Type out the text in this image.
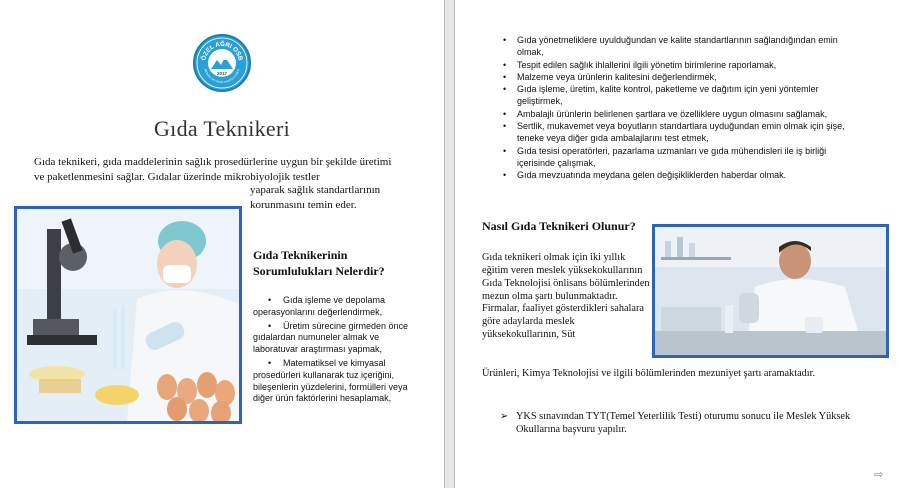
ÖZEL AĞRI OSB
MESLEKİ VE TEKNİK ANADOLU LİSESİ
2017
Gıda Teknikeri
Gıda teknikeri, gıda maddelerinin sağlık prosedürlerine uygun bir şekilde üretimi ve paketlenmesini sağlar. Gıdalar üzerinde mikrobiyolojik testler
yaparak sağlık standartlarının korunmasını temin eder.
Gıda Teknikerinin Sorumlulukları Nelerdir?
• Gıda işleme ve depolama operasyonlarını değerlendirmek,
• Üretim sürecine girmeden önce gıdalardan numuneler almak ve laboratuvar araştırması yapmak,
• Matematiksel ve kimyasal prosedürleri kullanarak tuz içeriğini, bileşenlerin yüzdelerini, formülleri veya diğer ürün faktörlerini hesaplamak,
• Gıda yönetmeliklere uyulduğundan ve kalite standartlarının sağlandığından emin olmak,
• Tespit edilen sağlık ihlallerini ilgili yönetim birimlerine raporlamak,
• Malzeme veya ürünlerin kalitesini değerlendirmek,
• Gıda işleme, üretim, kalite kontrol, paketleme ve dağıtım için yeni yöntemler geliştirmek,
• Ambalajlı ürünlerin belirlenen şartlara ve özelliklere uygun olmasını sağlamak,
• Sertlik, mukavemet veya boyutların standartlara uyduğundan emin olmak için şişe, teneke veya diğer gıda ambalajlarını test etmek,
• Gıda tesisi operatörleri, pazarlama uzmanları ve gıda mühendisleri ile iş birliği içerisinde çalışmak,
• Gıda mevzuatında meydana gelen değişikliklerden haberdar olmak.
Nasıl Gıda Teknikeri Olunur?
Gıda teknikeri olmak için iki yıllık eğitim veren meslek yüksekokullarının Gıda Teknolojisi önlisans bölümlerinden mezun olma şartı bulunmaktadır. Firmalar, faaliyet gösterdikleri sahalara göre adaylarda meslek yüksekokullarının, Süt
Ürünleri, Kimya Teknolojisi ve ilgili bölümlerinden mezuniyet şartı aramaktadır.
➢ YKS sınavından TYT(Temel Yeterlilik Testi) oturumu sonucu ile Meslek Yüksek Okullarına başvuru yapılır.
⇨
